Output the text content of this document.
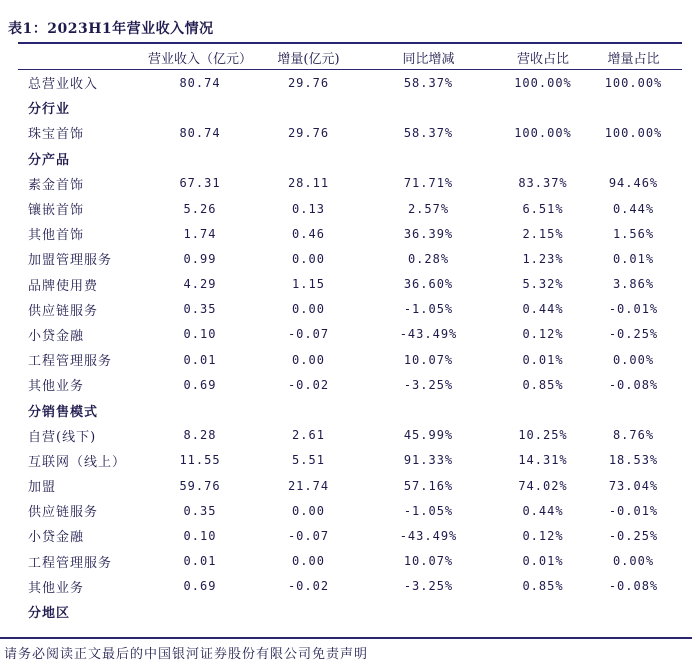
表1：2023H1年营业收入情况
	营业收入（亿元）	增量(亿元)	同比增减	营收占比	增量占比
总营业收入	80.74	29.76	58.37%	100.00%	100.00%
分行业					
珠宝首饰	80.74	29.76	58.37%	100.00%	100.00%
分产品					
素金首饰	67.31	28.11	71.71%	83.37%	94.46%
镶嵌首饰	5.26	0.13	2.57%	6.51%	0.44%
其他首饰	1.74	0.46	36.39%	2.15%	1.56%
加盟管理服务	0.99	0.00	0.28%	1.23%	0.01%
品牌使用费	4.29	1.15	36.60%	5.32%	3.86%
供应链服务	0.35	0.00	-1.05%	0.44%	-0.01%
小贷金融	0.10	-0.07	-43.49%	0.12%	-0.25%
工程管理服务	0.01	0.00	10.07%	0.01%	0.00%
其他业务	0.69	-0.02	-3.25%	0.85%	-0.08%
分销售模式					
自营(线下)	8.28	2.61	45.99%	10.25%	8.76%
互联网（线上）	11.55	5.51	91.33%	14.31%	18.53%
加盟	59.76	21.74	57.16%	74.02%	73.04%
供应链服务	0.35	0.00	-1.05%	0.44%	-0.01%
小贷金融	0.10	-0.07	-43.49%	0.12%	-0.25%
工程管理服务	0.01	0.00	10.07%	0.01%	0.00%
其他业务	0.69	-0.02	-3.25%	0.85%	-0.08%
分地区					
请务必阅读正文最后的中国银河证券股份有限公司免责声明
